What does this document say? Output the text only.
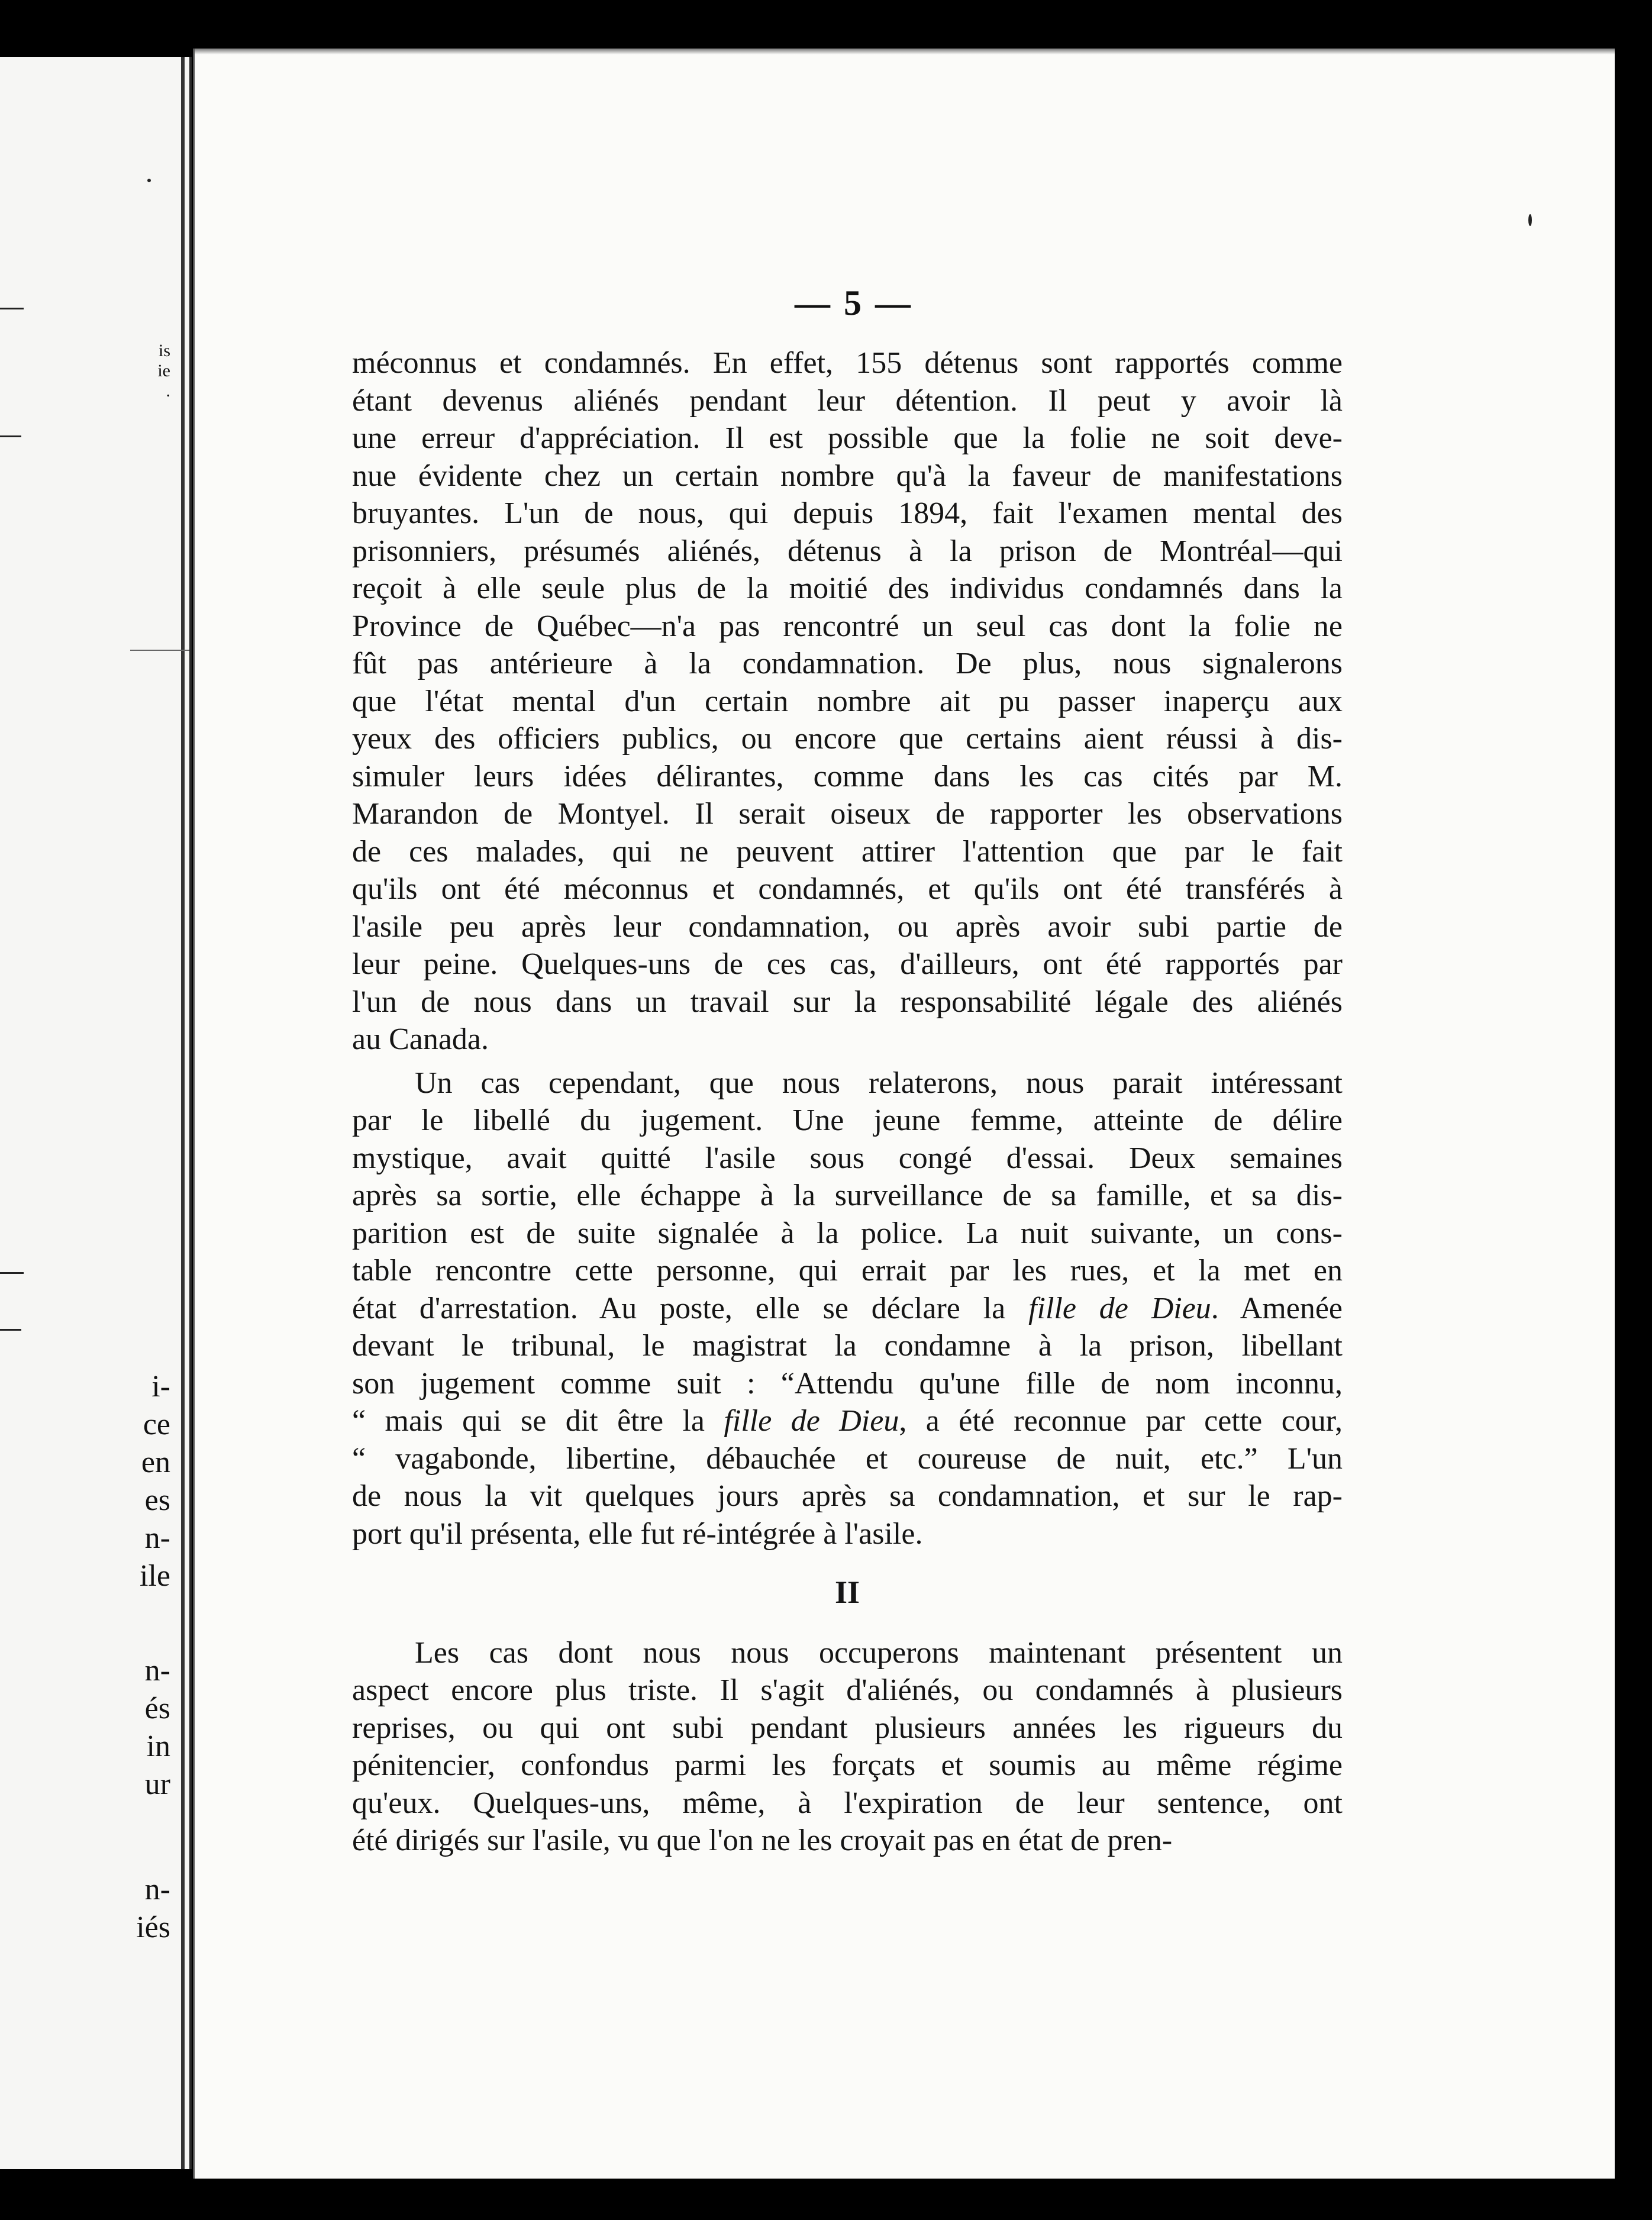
is
ie
.
i-
ce
en
es
n-
ile
n-
és
in
ur
n-
iés
— 5 —
méconnus et condamnés. En effet, 155 détenus sont rapportés comme
étant devenus aliénés pendant leur détention. Il peut y avoir là
une erreur d'appréciation. Il est possible que la folie ne soit deve-
nue évidente chez un certain nombre qu'à la faveur de manifestations
bruyantes. L'un de nous, qui depuis 1894, fait l'examen mental des
prisonniers, présumés aliénés, détenus à la prison de Montréal—qui
reçoit à elle seule plus de la moitié des individus condamnés dans la
Province de Québec—n'a pas rencontré un seul cas dont la folie ne
fût pas antérieure à la condamnation. De plus, nous signalerons
que l'état mental d'un certain nombre ait pu passer inaperçu aux
yeux des officiers publics, ou encore que certains aient réussi à dis-
simuler leurs idées délirantes, comme dans les cas cités par M.
Marandon de Montyel. Il serait oiseux de rapporter les observations
de ces malades, qui ne peuvent attirer l'attention que par le fait
qu'ils ont été méconnus et condamnés, et qu'ils ont été transférés à
l'asile peu après leur condamnation, ou après avoir subi partie de
leur peine. Quelques-uns de ces cas, d'ailleurs, ont été rapportés par
l'un de nous dans un travail sur la responsabilité légale des aliénés
au Canada.
Un cas cependant, que nous relaterons, nous parait intéressant
par le libellé du jugement. Une jeune femme, atteinte de délire
mystique, avait quitté l'asile sous congé d'essai. Deux semaines
après sa sortie, elle échappe à la surveillance de sa famille, et sa dis-
parition est de suite signalée à la police. La nuit suivante, un cons-
table rencontre cette personne, qui errait par les rues, et la met en
état d'arrestation. Au poste, elle se déclare la fille de Dieu. Amenée
devant le tribunal, le magistrat la condamne à la prison, libellant
son jugement comme suit : “Attendu qu'une fille de nom inconnu,
“ mais qui se dit être la fille de Dieu, a été reconnue par cette cour,
“ vagabonde, libertine, débauchée et coureuse de nuit, etc.” L'un
de nous la vit quelques jours après sa condamnation, et sur le rap-
port qu'il présenta, elle fut ré-intégrée à l'asile.
II
Les cas dont nous nous occuperons maintenant présentent un
aspect encore plus triste. Il s'agit d'aliénés, ou condamnés à plusieurs
reprises, ou qui ont subi pendant plusieurs années les rigueurs du
pénitencier, confondus parmi les forçats et soumis au même régime
qu'eux. Quelques-uns, même, à l'expiration de leur sentence, ont
été dirigés sur l'asile, vu que l'on ne les croyait pas en état de pren-
